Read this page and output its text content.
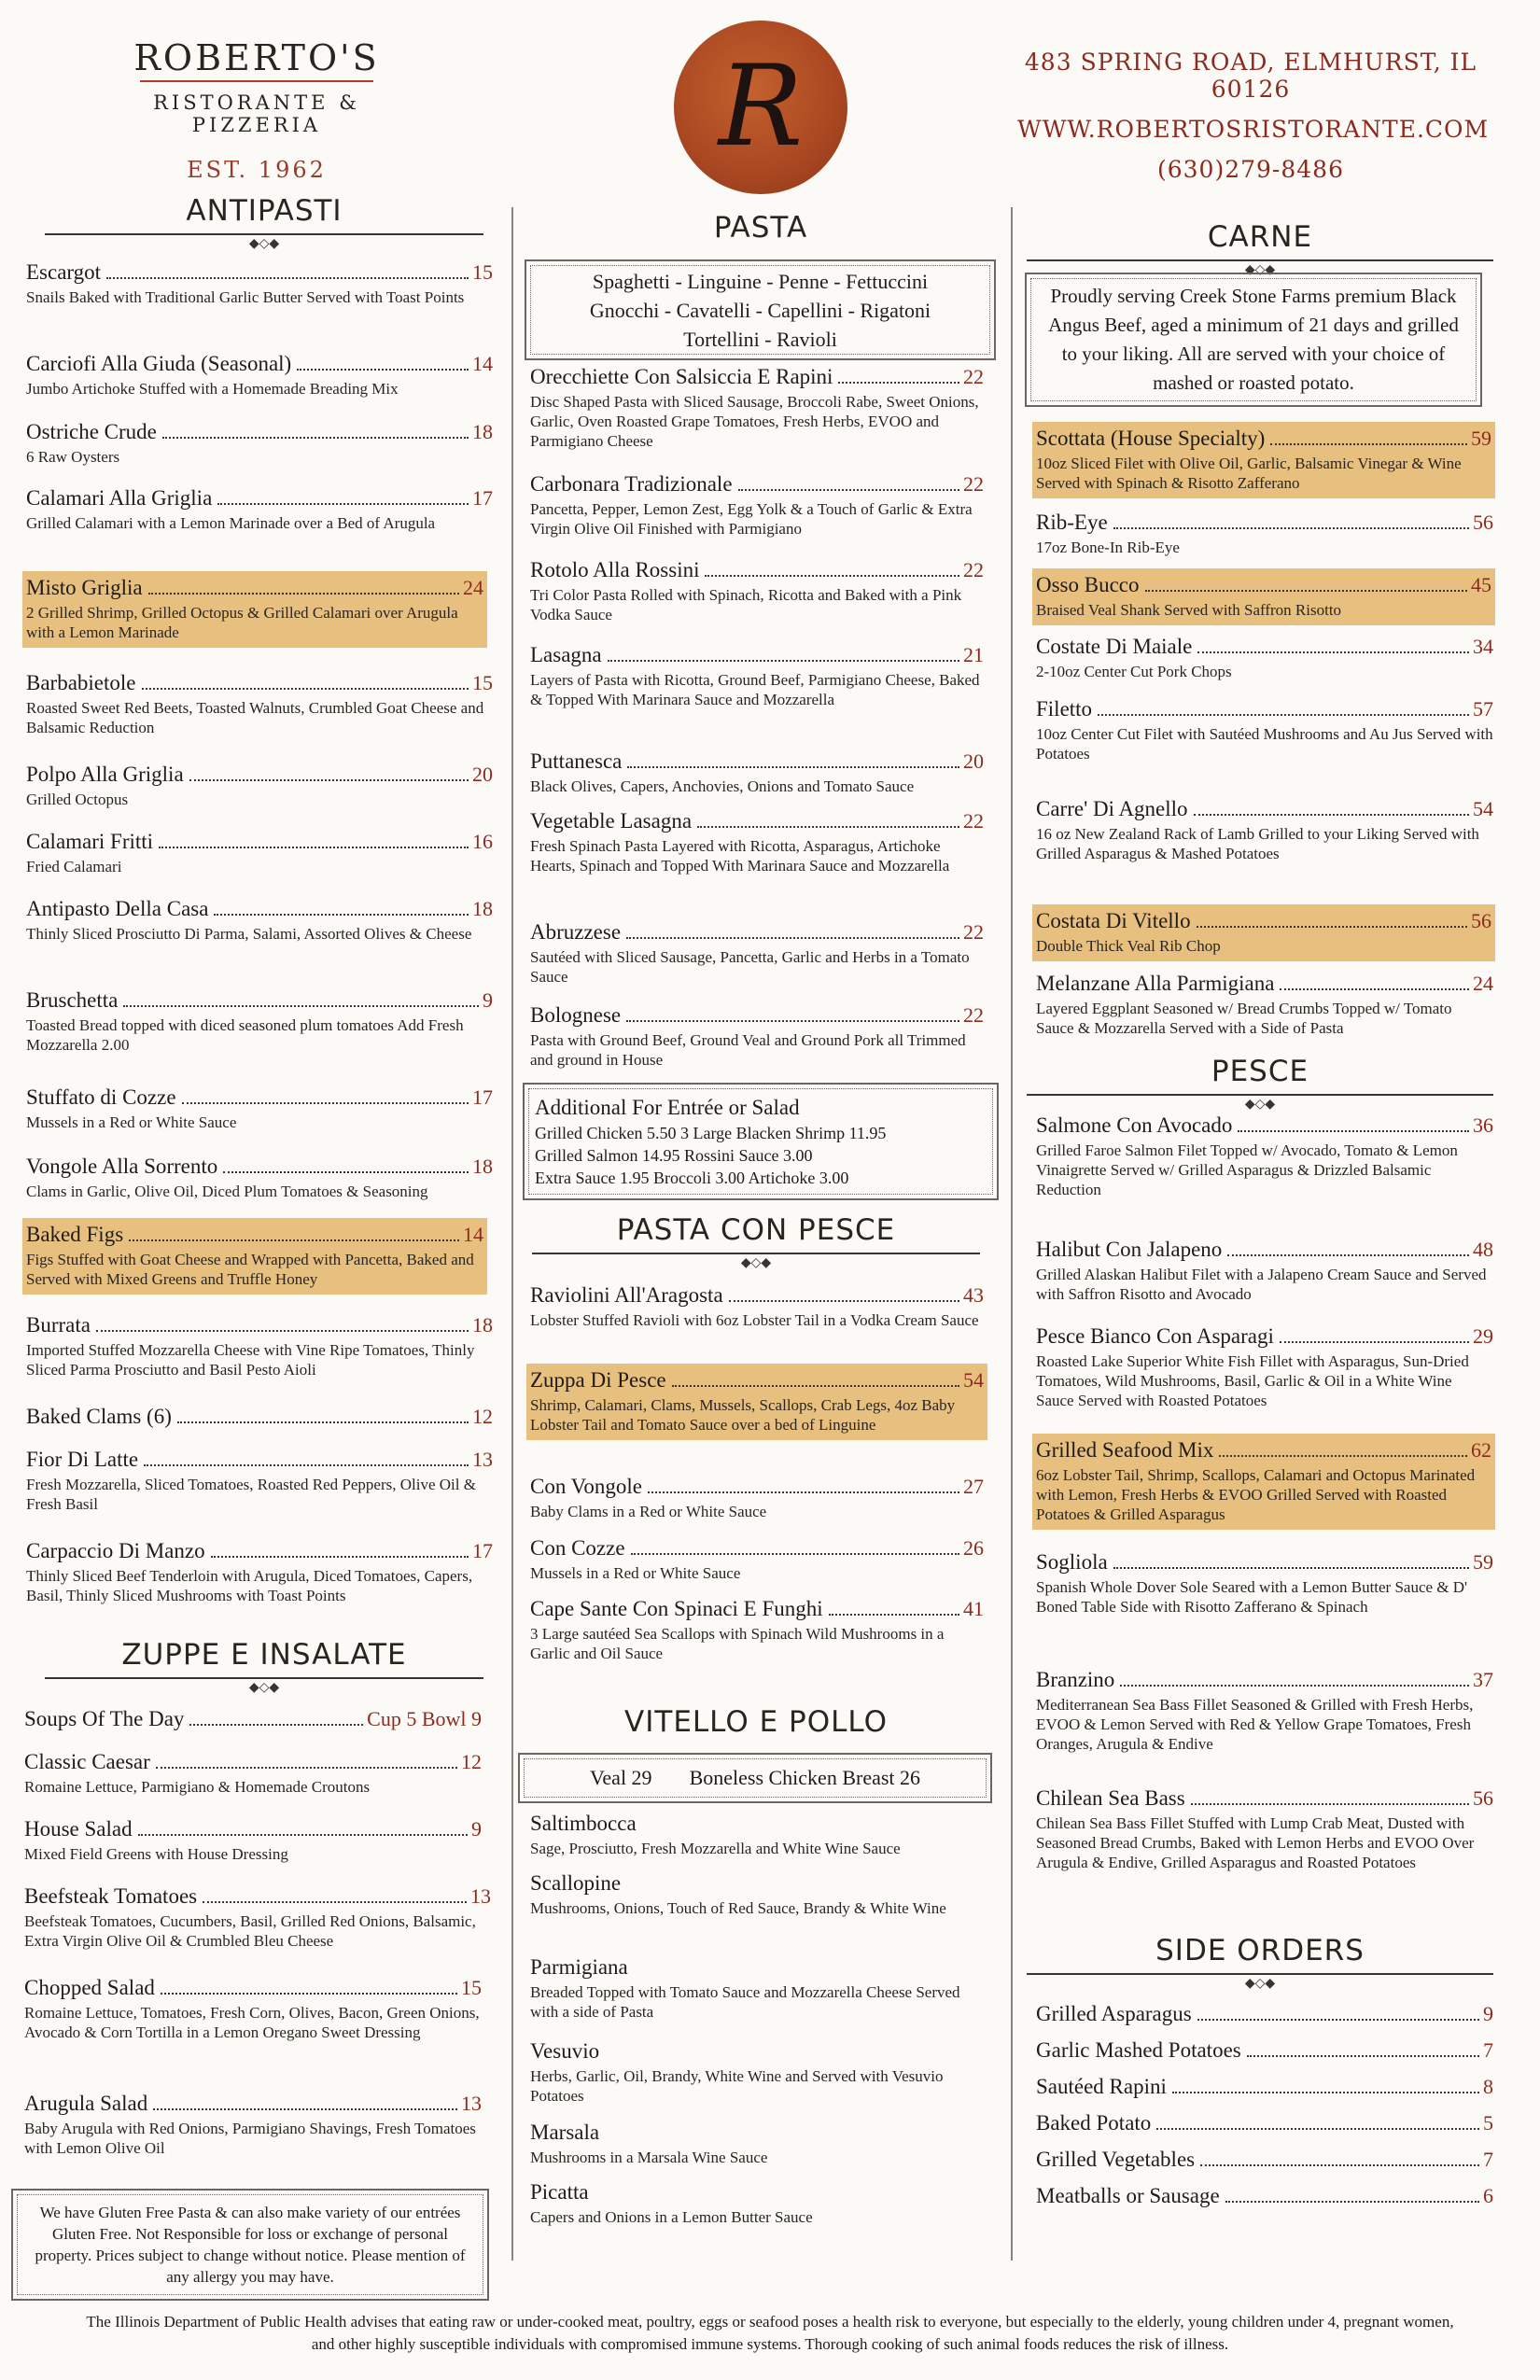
ROBERTO'S
RISTORANTE & PIZZERIA
EST. 1962	R	483 SPRING ROAD, ELMHURST, IL 60126
WWW.ROBERTOSRISTORANTE.COM
(630)279-8486
ANTIPASTI
◆◇◆
Escargot	15
Snails Baked with Traditional Garlic Butter Served with Toast Points
Carciofi Alla Giuda (Seasonal)	14
Jumbo Artichoke Stuffed with a Homemade Breading Mix
Ostriche Crude	18
6 Raw Oysters
Calamari Alla Griglia	17
Grilled Calamari with a Lemon Marinade over a Bed of Arugula
Misto Griglia	24
2 Grilled Shrimp, Grilled Octopus & Grilled Calamari over Arugula with a Lemon Marinade
Barbabietole	15
Roasted Sweet Red Beets, Toasted Walnuts, Crumbled Goat Cheese and Balsamic Reduction
Polpo Alla Griglia	20
Grilled Octopus
Calamari Fritti	16
Fried Calamari
Antipasto Della Casa	18
Thinly Sliced Prosciutto Di Parma, Salami, Assorted Olives & Cheese
Bruschetta	9
Toasted Bread topped with diced seasoned plum tomatoes Add Fresh Mozzarella 2.00
Stuffato di Cozze	17
Mussels in a Red or White Sauce
Vongole Alla Sorrento	18
Clams in Garlic, Olive Oil, Diced Plum Tomatoes & Seasoning
Baked Figs	14
Figs Stuffed with Goat Cheese and Wrapped with Pancetta, Baked and Served with Mixed Greens and Truffle Honey
Burrata	18
Imported Stuffed Mozzarella Cheese with Vine Ripe Tomatoes, Thinly Sliced Parma Prosciutto and Basil Pesto Aioli
Baked Clams (6)	12
Fior Di Latte	13
Fresh Mozzarella, Sliced Tomatoes, Roasted Red Peppers, Olive Oil & Fresh Basil
Carpaccio Di Manzo	17
Thinly Sliced Beef Tenderloin with Arugula, Diced Tomatoes, Capers, Basil, Thinly Sliced Mushrooms with Toast Points
ZUPPE E INSALATE
◆◇◆
Soups Of The Day	Cup 5 Bowl 9
Classic Caesar	12
Romaine Lettuce, Parmigiano & Homemade Croutons
House Salad	9
Mixed Field Greens with House Dressing
Beefsteak Tomatoes	13
Beefsteak Tomatoes, Cucumbers, Basil, Grilled Red Onions, Balsamic, Extra Virgin Olive Oil & Crumbled Bleu Cheese
Chopped Salad	15
Romaine Lettuce, Tomatoes, Fresh Corn, Olives, Bacon, Green Onions, Avocado & Corn Tortilla in a Lemon Oregano Sweet Dressing
Arugula Salad	13
Baby Arugula with Red Onions, Parmigiano Shavings, Fresh Tomatoes with Lemon Olive Oil
We have Gluten Free Pasta & can also make variety of our entrées Gluten Free. Not Responsible for loss or exchange of personal property. Prices subject to change without notice. Please mention of any allergy you may have.
PASTA
Spaghetti - Linguine - Penne - Fettuccini
Gnocchi - Cavatelli - Capellini - Rigatoni
Tortellini - Ravioli
Orecchiette Con Salsiccia E Rapini	22
Disc Shaped Pasta with Sliced Sausage, Broccoli Rabe, Sweet Onions, Garlic, Oven Roasted Grape Tomatoes, Fresh Herbs, EVOO and Parmigiano Cheese
Carbonara Tradizionale	22
Pancetta, Pepper, Lemon Zest, Egg Yolk & a Touch of Garlic & Extra Virgin Olive Oil Finished with Parmigiano
Rotolo Alla Rossini	22
Tri Color Pasta Rolled with Spinach, Ricotta and Baked with a Pink Vodka Sauce
Lasagna	21
Layers of Pasta with Ricotta, Ground Beef, Parmigiano Cheese, Baked & Topped With Marinara Sauce and Mozzarella
Puttanesca	20
Black Olives, Capers, Anchovies, Onions and Tomato Sauce
Vegetable Lasagna	22
Fresh Spinach Pasta Layered with Ricotta, Asparagus, Artichoke Hearts, Spinach and Topped With Marinara Sauce and Mozzarella
Abruzzese	22
Sautéed with Sliced Sausage, Pancetta, Garlic and Herbs in a Tomato Sauce
Bolognese	22
Pasta with Ground Beef, Ground Veal and Ground Pork all Trimmed and ground in House
Additional For Entrée or Salad
Grilled Chicken 5.50 3 Large Blacken Shrimp 11.95
Grilled Salmon 14.95 Rossini Sauce 3.00
Extra Sauce 1.95 Broccoli 3.00 Artichoke 3.00
PASTA CON PESCE
◆◇◆
Raviolini All'Aragosta	43
Lobster Stuffed Ravioli with 6oz Lobster Tail in a Vodka Cream Sauce
Zuppa Di Pesce	54
Shrimp, Calamari, Clams, Mussels, Scallops, Crab Legs, 4oz Baby Lobster Tail and Tomato Sauce over a bed of Linguine
Con Vongole	27
Baby Clams in a Red or White Sauce
Con Cozze	26
Mussels in a Red or White Sauce
Cape Sante Con Spinaci E Funghi	41
3 Large sautéed Sea Scallops with Spinach Wild Mushrooms in a Garlic and Oil Sauce
VITELLO E POLLO
Veal 29 Boneless Chicken Breast 26
Saltimbocca
Sage, Prosciutto, Fresh Mozzarella and White Wine Sauce
Scallopine
Mushrooms, Onions, Touch of Red Sauce, Brandy & White Wine
Parmigiana
Breaded Topped with Tomato Sauce and Mozzarella Cheese Served with a side of Pasta
Vesuvio
Herbs, Garlic, Oil, Brandy, White Wine and Served with Vesuvio Potatoes
Marsala
Mushrooms in a Marsala Wine Sauce
Picatta
Capers and Onions in a Lemon Butter Sauce
CARNE
◆◇◆
Proudly serving Creek Stone Farms premium Black Angus Beef, aged a minimum of 21 days and grilled to your liking. All are served with your choice of mashed or roasted potato.
Scottata (House Specialty)	59
10oz Sliced Filet with Olive Oil, Garlic, Balsamic Vinegar & Wine Served with Spinach & Risotto Zafferano
Rib-Eye	56
17oz Bone-In Rib-Eye
Osso Bucco	45
Braised Veal Shank Served with Saffron Risotto
Costate Di Maiale	34
2-10oz Center Cut Pork Chops
Filetto	57
10oz Center Cut Filet with Sautéed Mushrooms and Au Jus Served with Potatoes
Carre' Di Agnello	54
16 oz New Zealand Rack of Lamb Grilled to your Liking Served with Grilled Asparagus & Mashed Potatoes
Costata Di Vitello	56
Double Thick Veal Rib Chop
Melanzane Alla Parmigiana	24
Layered Eggplant Seasoned w/ Bread Crumbs Topped w/ Tomato Sauce & Mozzarella Served with a Side of Pasta
PESCE
◆◇◆
Salmone Con Avocado	36
Grilled Faroe Salmon Filet Topped w/ Avocado, Tomato & Lemon Vinaigrette Served w/ Grilled Asparagus & Drizzled Balsamic Reduction
Halibut Con Jalapeno	48
Grilled Alaskan Halibut Filet with a Jalapeno Cream Sauce and Served with Saffron Risotto and Avocado
Pesce Bianco Con Asparagi	29
Roasted Lake Superior White Fish Fillet with Asparagus, Sun-Dried Tomatoes, Wild Mushrooms, Basil, Garlic & Oil in a White Wine Sauce Served with Roasted Potatoes
Grilled Seafood Mix	62
6oz Lobster Tail, Shrimp, Scallops, Calamari and Octopus Marinated with Lemon, Fresh Herbs & EVOO Grilled Served with Roasted Potatoes & Grilled Asparagus
Sogliola	59
Spanish Whole Dover Sole Seared with a Lemon Butter Sauce & D' Boned Table Side with Risotto Zafferano & Spinach
Branzino	37
Mediterranean Sea Bass Fillet Seasoned & Grilled with Fresh Herbs, EVOO & Lemon Served with Red & Yellow Grape Tomatoes, Fresh Oranges, Arugula & Endive
Chilean Sea Bass	56
Chilean Sea Bass Fillet Stuffed with Lump Crab Meat, Dusted with Seasoned Bread Crumbs, Baked with Lemon Herbs and EVOO Over Arugula & Endive, Grilled Asparagus and Roasted Potatoes
SIDE ORDERS
◆◇◆
Grilled Asparagus	9
Garlic Mashed Potatoes	7
Sautéed Rapini	8
Baked Potato	5
Grilled Vegetables	7
Meatballs or Sausage	6
The Illinois Department of Public Health advises that eating raw or under-cooked meat, poultry, eggs or seafood poses a health risk to everyone, but especially to the elderly, young children under 4, pregnant women, and other highly susceptible individuals with compromised immune systems. Thorough cooking of such animal foods reduces the risk of illness.
